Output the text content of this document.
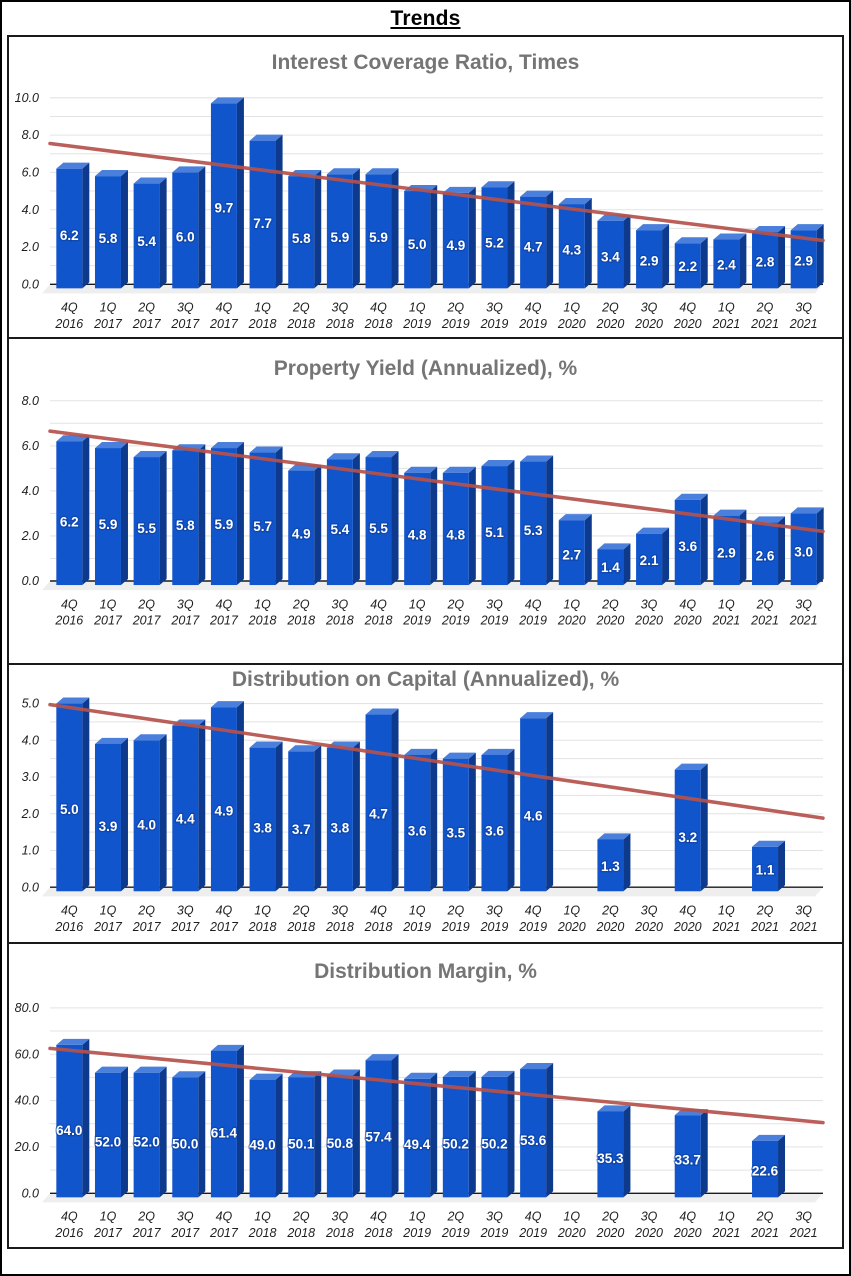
Trends
Interest Coverage Ratio, Times
0.0
2.0
4.0
6.0
8.0
10.0
6.2 5.8 5.4 6.0
9.7
7.7
5.8 5.9 5.9 5.0 4.9 5.2 4.7 4.3 3.4 2.9 2.2 2.4 2.8 2.9
4Q 2016
1Q 2017
2Q 2017
3Q 2017
4Q 2017
1Q 2018
2Q 2018
3Q 2018
4Q 2018
1Q 2019
2Q 2019
3Q 2019
4Q 2019
1Q 2020
2Q 2020
3Q 2020
4Q 2020
1Q 2021
2Q 2021
3Q 2021
Property Yield (Annualized), %
0.0
2.0
4.0
6.0
8.0
6.2 5.9 5.5 5.8 5.9 5.7
4.9 5.4 5.5 4.8 4.8 5.1 5.3
2.7
1.4 2.1
3.6 2.9 2.6 3.0
4Q 2016
1Q 2017
2Q 2017
3Q 2017
4Q 2017
1Q 2018
2Q 2018
3Q 2018
4Q 2018
1Q 2019
2Q 2019
3Q 2019
4Q 2019
1Q 2020
2Q 2020
3Q 2020
4Q 2020
1Q 2021
2Q 2021
3Q 2021
Distribution on Capital (Annualized), %
0.0
1.0
2.0
3.0
4.0
5.0
5.0
3.9 4.0 4.4
4.9
3.8 3.7 3.8
4.7
3.6 3.5 3.6
4.6
1.3
3.2
1.1
4Q 2016
1Q 2017
2Q 2017
3Q 2017
4Q 2017
1Q 2018
2Q 2018
3Q 2018
4Q 2018
1Q 2019
2Q 2019
3Q 2019
4Q 2019
1Q 2020
2Q 2020
3Q 2020
4Q 2020
1Q 2021
2Q 2021
3Q 2021
Distribution Margin, %
0.0
20.0
40.0
60.0
80.0
64.0
52.0 52.0 50.0
61.4
49.0 50.1 50.8 57.4
49.4 50.2 50.2 53.6
35.3	33.7
22.6
4Q 2016
1Q 2017
2Q 2017
3Q 2017
4Q 2017
1Q 2018
2Q 2018
3Q 2018
4Q 2018
1Q 2019
2Q 2019
3Q 2019
4Q 2019
1Q 2020
2Q 2020
3Q 2020
4Q 2020
1Q 2021
2Q 2021
3Q 2021
